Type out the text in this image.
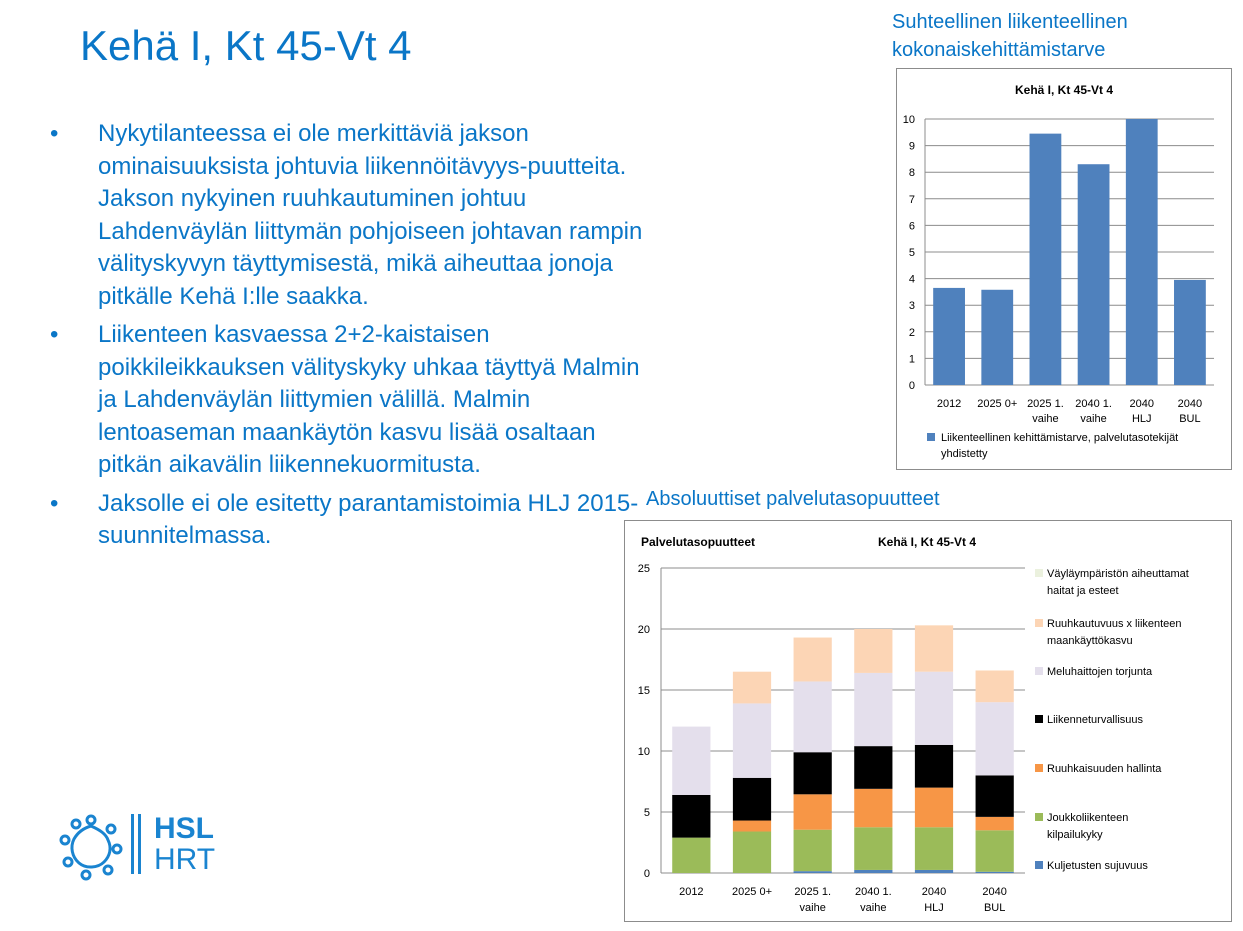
Kehä I, Kt 45-Vt 4
• Nykytilanteessa ei ole merkittäviä jakson ominaisuuksista johtuvia liikennöitävyys-puutteita. Jakson nykyinen ruuhkautuminen johtuu Lahdenväylän liittymän pohjoiseen johtavan rampin välityskyvyn täyttymisestä, mikä aiheuttaa jonoja pitkälle Kehä I:lle saakka.
• Liikenteen kasvaessa 2+2-kaistaisen poikkileikkauksen välityskyky uhkaa täyttyä Malmin ja Lahdenväylän liittymien välillä. Malmin lentoaseman maankäytön kasvu lisää osaltaan pitkän aikavälin liikennekuormitusta.
• Jaksolle ei ole esitetty parantamistoimia HLJ 2015-suunnitelmassa.
HSL
HRT
Suhteellinen liikenteellinen kokonaiskehittämistarve
Absoluuttiset palvelutasopuutteet
Kehä I, Kt 45-Vt 4
0
1
2
3
4
5
6
7
8
9
10
2012 2025 0+ 2025 1. vaihe
2040 1. vaihe
2040 HLJ
2040 BUL
Liikenteellinen kehittämistarve, palvelutasotekijät yhdistetty
Palvelutasopuutteet	Kehä I, Kt 45-Vt 4
0
5
10
15
20
25
2012	2025 0+ 2025 1. vaihe
2040 1. vaihe
2040 HLJ
2040 BUL
Väyläympäristön aiheuttamat haitat ja esteet
Ruuhkautuvuus x liikenteen maankäyttökasvu
Meluhaittojen torjunta
Liikenneturvallisuus
Ruuhkaisuuden hallinta
Joukkoliikenteen kilpailukyky
Kuljetusten sujuvuus
